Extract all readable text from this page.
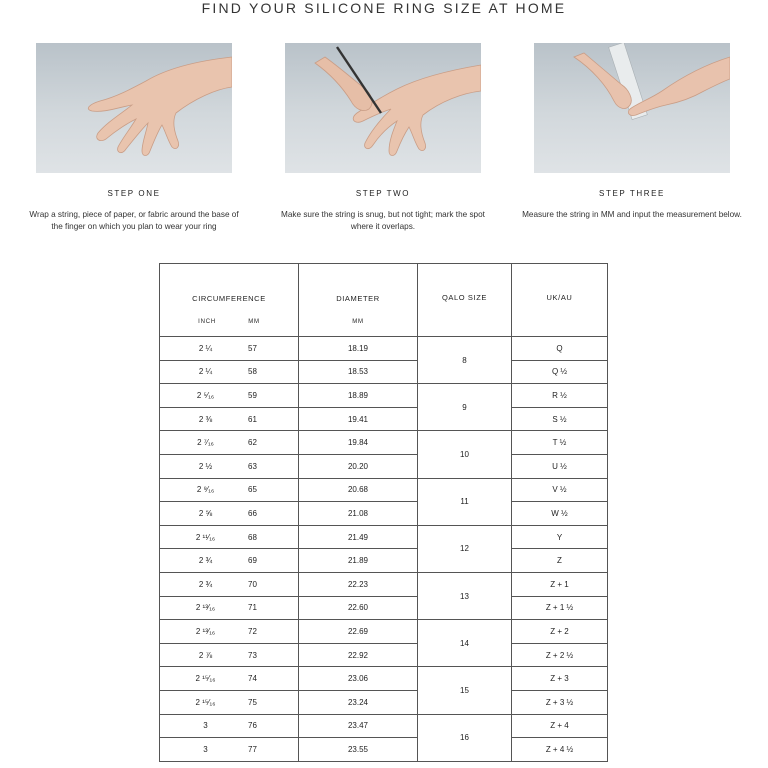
FIND YOUR SILICONE RING SIZE AT HOME
STEP ONE
Wrap a string, piece of paper, or fabric around the base of the finger on which you plan to wear your ring
STEP TWO
Make sure the string is snug, but not tight; mark the spot where it overlaps.
STEP THREE
Measure the string in MM and input the measurement below.
CIRCUMFERENCE
INCH MM	DIAMETER
MM	QALO SIZE	UK/AU

2 ¼ 57	18.19	8	Q

2 ¼ 58	18.53		Q ½

2 ⁵⁄₁₆ 59	18.89	9	R ½

2 ⅜ 61	19.41		S ½

2 ⁷⁄₁₆ 62	19.84	10	T ½

2 ½ 63	20.20		U ½

2 ⁹⁄₁₆ 65	20.68	11	V ½

2 ⅝ 66	21.08		W ½

2 ¹¹⁄₁₆ 68	21.49	12	Y

2 ¾ 69	21.89		Z

2 ¾ 70	22.23	13	Z + 1

2 ¹³⁄₁₆ 71	22.60		Z + 1 ½

2 ¹³⁄₁₆ 72	22.69	14	Z + 2

2 ⅞ 73	22.92		Z + 2 ½

2 ¹⁵⁄₁₆ 74	23.06	15	Z + 3

2 ¹⁵⁄₁₆ 75	23.24		Z + 3 ½

3 76	23.47	16	Z + 4

3 77	23.55		Z + 4 ½
